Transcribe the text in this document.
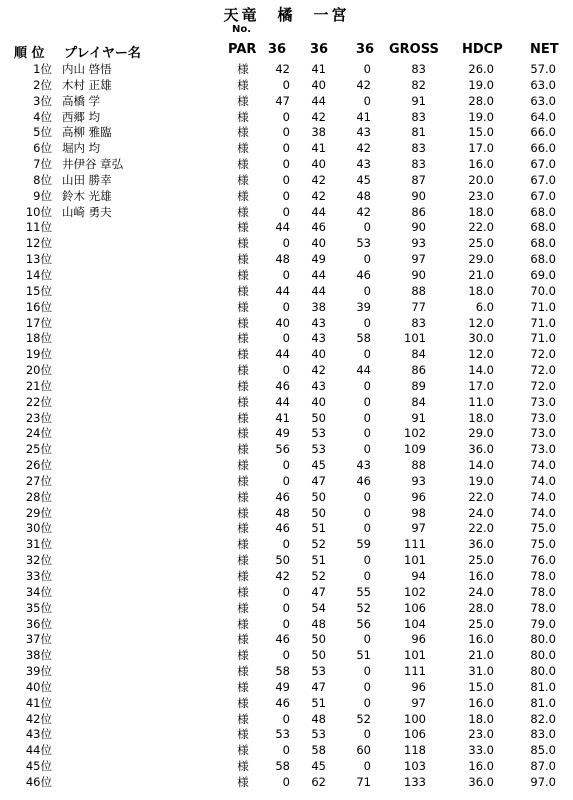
天竜　橘　一宮
No.
順 位 プレイヤー名	PAR 36 36 36 GROSS HDCP NET
1位 内山 啓悟	様	42	41	0	83	26.0	57.0
2位 木村 正雄	様	0	40	42	82	19.0	63.0
3位 高橋 学	様	47	44	0	91	28.0	63.0
4位 西郷 均	様	0	42	41	83	19.0	64.0
5位 高柳 雅臨	様	0	38	43	81	15.0	66.0
6位 堀内 均	様	0	41	42	83	17.0	66.0
7位 井伊谷 章弘	様	0	40	43	83	16.0	67.0
8位 山田 勝幸	様	0	42	45	87	20.0	67.0
9位 鈴木 光雄	様	0	42	48	90	23.0	67.0
10位 山崎 勇夫	様	0	44	42	86	18.0	68.0
11位	様	44	46	0	90	22.0	68.0
12位	様	0	40	53	93	25.0	68.0
13位	様	48	49	0	97	29.0	68.0
14位	様	0	44	46	90	21.0	69.0
15位	様	44	44	0	88	18.0	70.0
16位	様	0	38	39	77	6.0	71.0
17位	様	40	43	0	83	12.0	71.0
18位	様	0	43	58	101	30.0	71.0
19位	様	44	40	0	84	12.0	72.0
20位	様	0	42	44	86	14.0	72.0
21位	様	46	43	0	89	17.0	72.0
22位	様	44	40	0	84	11.0	73.0
23位	様	41	50	0	91	18.0	73.0
24位	様	49	53	0	102	29.0	73.0
25位	様	56	53	0	109	36.0	73.0
26位	様	0	45	43	88	14.0	74.0
27位	様	0	47	46	93	19.0	74.0
28位	様	46	50	0	96	22.0	74.0
29位	様	48	50	0	98	24.0	74.0
30位	様	46	51	0	97	22.0	75.0
31位	様	0	52	59	111	36.0	75.0
32位	様	50	51	0	101	25.0	76.0
33位	様	42	52	0	94	16.0	78.0
34位	様	0	47	55	102	24.0	78.0
35位	様	0	54	52	106	28.0	78.0
36位	様	0	48	56	104	25.0	79.0
37位	様	46	50	0	96	16.0	80.0
38位	様	0	50	51	101	21.0	80.0
39位	様	58	53	0	111	31.0	80.0
40位	様	49	47	0	96	15.0	81.0
41位	様	46	51	0	97	16.0	81.0
42位	様	0	48	52	100	18.0	82.0
43位	様	53	53	0	106	23.0	83.0
44位	様	0	58	60	118	33.0	85.0
45位	様	58	45	0	103	16.0	87.0
46位	様	0	62	71	133	36.0	97.0
